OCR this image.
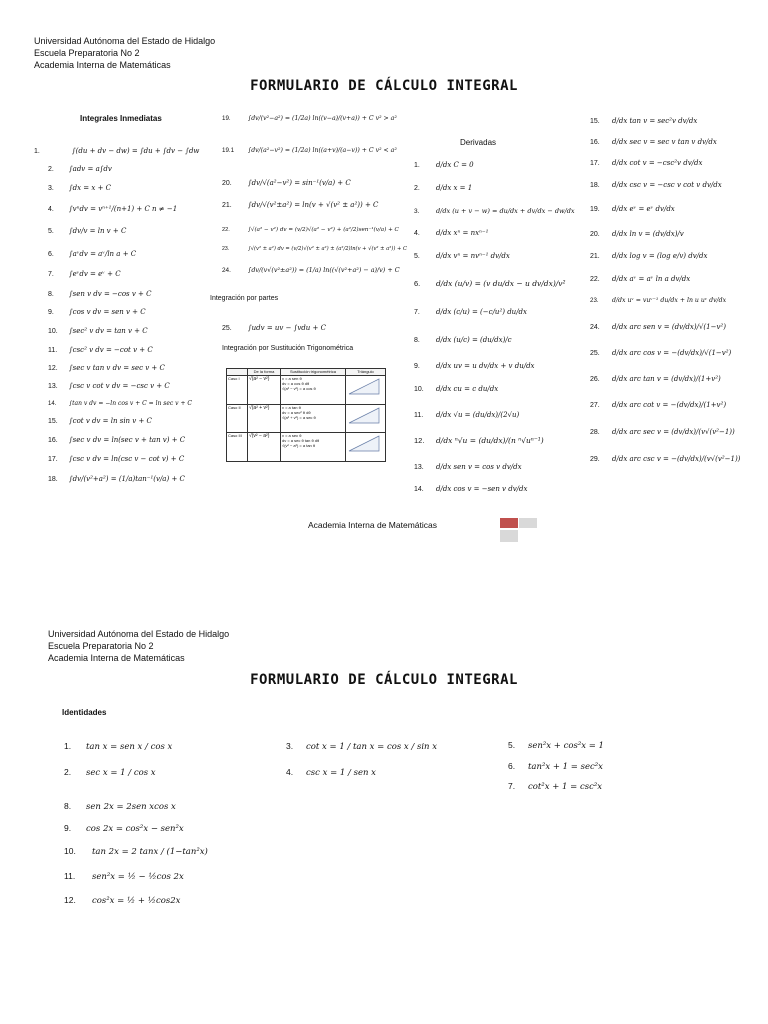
Universidad Autónoma del Estado de Hidalgo
Escuela Preparatoria No 2
Academia Interna de Matemáticas
FORMULARIO DE CÁLCULO INTEGRAL
Integrales Inmediatas
1.	∫(du + dv − dw) = ∫du + ∫dv − ∫dw
2. ∫adv = a∫dv
3. ∫dx = x + C
4. ∫vⁿdv = vⁿ⁺¹/(n+1) + C n ≠ −1
5. ∫dv/v = ln v + C
6. ∫aᵛdv = aᵛ/ln a + C
7. ∫eᵛdv = eᵛ + C
8. ∫sen v dv = −cos v + C
9. ∫cos v dv = sen v + C
10. ∫sec² v dv = tan v + C
11. ∫csc² v dv = −cot v + C
12. ∫sec v tan v dv = sec v + C
13. ∫csc v cot v dv = −csc v + C
14. ∫tan v dv = −ln cos v + C = ln sec v + C
15. ∫cot v dv = ln sin v + C
16. ∫sec v dv = ln(sec v + tan v) + C
17. ∫csc v dv = ln(csc v − cot v) + C
18. ∫dv/(v²+a²) = (1/a)tan⁻¹(v/a) + C
19.	∫dv/(v²−a²) = (1/2a) ln((v−a)/(v+a)) + C v² > a²
19.1 ∫dv/(a²−v²) = (1/2a) ln((a+v)/(a−v)) + C v² < a²
20. ∫dv/√(a²−v²) = sin⁻¹(v/a) + C
21. ∫dv/√(v²±a²) = ln(v + √(v² ± a²)) + C
22.	∫√(a² − v²) dv = (v/2)√(a² − v²) + (a²/2)sen⁻¹(v/a) + C
23.	∫√(v² ± a²) dv = (v/2)√(v² ± a²) ± (a²/2)ln(v + √(v² ± a²)) + C
24.	∫dv/(v√(v²±a²)) = (1/a) ln((√(v²+a²) − a)/v) + C
Integración por partes
25. ∫udv = uv − ∫vdu + C
Integración por Sustitución Trigonométrica
	De la forma	Sustitución trigonométrica	Triángulo
Caso I	√(a² − v²)	v = a sen θ
dv = a cos θ dθ
√(a² − v²) = a cos θ

Caso II	√(a² + v²)	v = a tan θ
dv = a sec² θ dθ
√(a² + v²) = a sec θ

Caso III	√(v² − a²)	v = a sec θ
dv = a sec θ tan θ dθ
√(v² − a²) = a tan θ

Derivadas
1. d/dx C = 0
2. d/dx x = 1
3.	d/dx (u + v − w) = du/dx + dv/dx − dw/dx
4. d/dx xⁿ = nxⁿ⁻¹
5. d/dx vⁿ = nvⁿ⁻¹ dv/dx
6. d/dx (u/v) = (v du/dx − u dv/dx)/v²
7. d/dx (c/u) = (−c/u²) du/dx
8. d/dx (u/c) = (du/dx)/c
9. d/dx uv = u dv/dx + v du/dx
10. d/dx cu = c du/dx
11. d/dx √u = (du/dx)/(2√u)
12. d/dx ⁿ√u = (du/dx)/(n ⁿ√uⁿ⁻¹)
13. d/dx sen v = cos v dv/dx
14. d/dx cos v = −sen v dv/dx
15. d/dx tan v = sec²v dv/dx
16. d/dx sec v = sec v tan v dv/dx
17. d/dx cot v = −csc²v dv/dx
18. d/dx csc v = −csc v cot v dv/dx
19. d/dx eᵛ = eᵛ dv/dx
20. d/dx ln v = (dv/dx)/v
21. d/dx log v = (log e/v) dv/dx
22. d/dx aᵛ = aᵛ ln a dv/dx
23. d/dx uᵛ = vuᵛ⁻¹ du/dx + ln u uᵛ dv/dx
24. d/dx arc sen v = (dv/dx)/√(1−v²)
25. d/dx arc cos v = −(dv/dx)/√(1−v²)
26. d/dx arc tan v = (dv/dx)/(1+v²)
27. d/dx arc cot v = −(dv/dx)/(1+v²)
28. d/dx arc sec v = (dv/dx)/(v√(v²−1))
29. d/dx arc csc v = −(dv/dx)/(v√(v²−1))
Academia Interna de Matemáticas
Universidad Autónoma del Estado de Hidalgo
Escuela Preparatoria No 2
Academia Interna de Matemáticas
FORMULARIO DE CÁLCULO INTEGRAL
Identidades
1. tan x = sen x / cos x
2. sec x = 1 / cos x
3. cot x = 1 / tan x = cos x / sin x
4. csc x = 1 / sen x
5. sen²x + cos²x = 1
6. tan²x + 1 = sec²x
7. cot²x + 1 = csc²x
8. sen 2x = 2sen xcos x
9. cos 2x = cos²x − sen²x
10. tan 2x = 2 tanx / (1−tan²x)
11. sen²x = ½ − ½cos 2x
12. cos²x = ½ + ½cos2x
